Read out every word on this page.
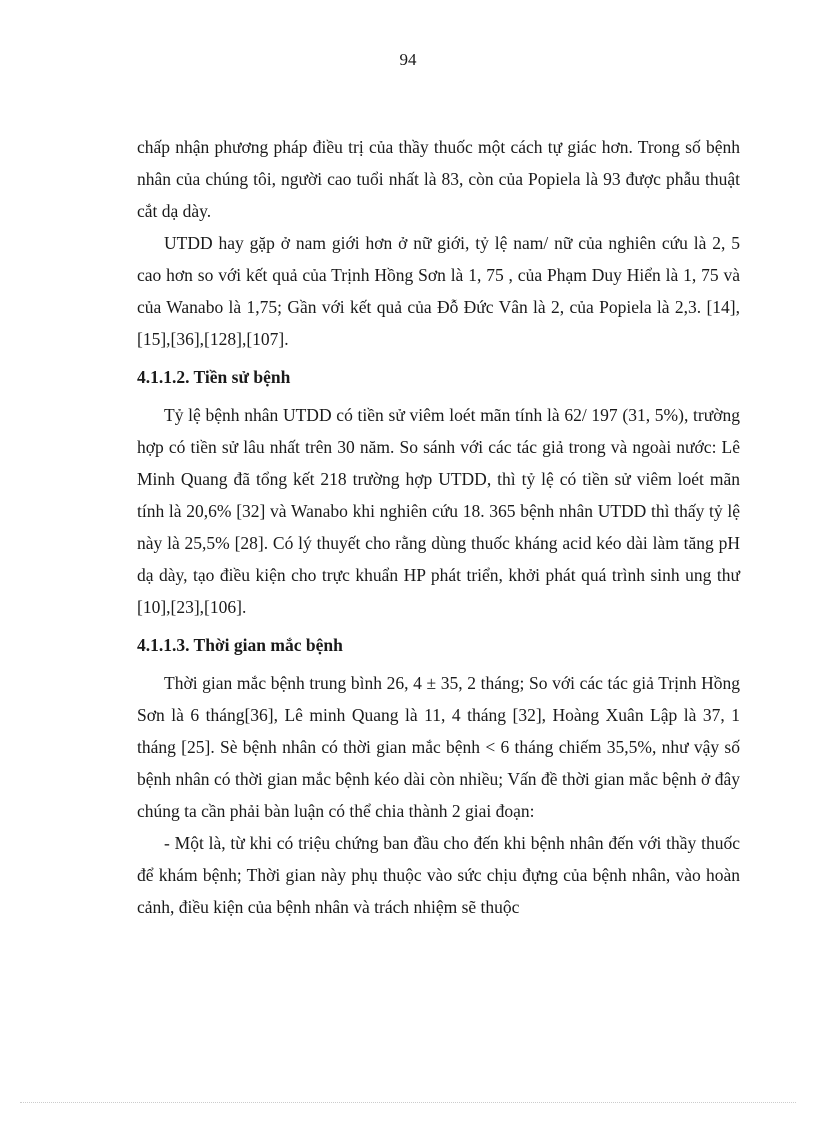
94

chấp nhận phương pháp điều trị của thầy thuốc một cách tự giác hơn. Trong số bệnh nhân của chúng tôi, người cao tuổi nhất là 83, còn của Popiela là 93 được phẫu thuật cắt dạ dày.

UTDD hay gặp ở nam giới hơn ở nữ giới, tỷ lệ nam/ nữ của nghiên cứu là 2, 5 cao hơn so với kết quả của Trịnh Hồng Sơn là 1, 75 , của Phạm Duy Hiển là 1, 75 và của Wanabo là 1,75; Gần với kết quả của Đỗ Đức Vân là 2, của Popiela là 2,3. [14],[15],[36],[128],[107].

4.1.1.2. Tiền sử bệnh

Tỷ lệ bệnh nhân UTDD có tiền sử viêm loét mãn tính là 62/ 197 (31, 5%), trường hợp có tiền sử lâu nhất trên 30 năm. So sánh với các tác giả trong và ngoài nước: Lê Minh Quang đã tổng kết 218 trường hợp UTDD, thì tỷ lệ có tiền sử viêm loét mãn tính là 20,6% [32] và Wanabo khi nghiên cứu 18. 365 bệnh nhân UTDD thì thấy tỷ lệ này là 25,5% [28]. Có lý thuyết cho rằng dùng thuốc kháng acid kéo dài làm tăng pH dạ dày, tạo điều kiện cho trực khuẩn HP phát triển, khởi phát quá trình sinh ung thư [10],[23],[106].

4.1.1.3. Thời gian mắc bệnh

Thời gian mắc bệnh trung bình 26, 4 ± 35, 2 tháng; So với các tác giả Trịnh Hồng Sơn là 6 tháng[36], Lê minh Quang là 11, 4 tháng [32], Hoàng Xuân Lập là 37, 1 tháng [25]. Sè bệnh nhân có thời gian mắc bệnh < 6 tháng chiếm 35,5%, như vậy số bệnh nhân có thời gian mắc bệnh kéo dài còn nhiều; Vấn đề thời gian mắc bệnh ở đây chúng ta cần phải bàn luận có thể chia thành 2 giai đoạn:

- Một là, từ khi có triệu chứng ban đầu cho đến khi bệnh nhân đến với thầy thuốc để khám bệnh; Thời gian này phụ thuộc vào sức chịu đựng của bệnh nhân, vào hoàn cảnh, điều kiện của bệnh nhân và trách nhiệm sẽ thuộc
